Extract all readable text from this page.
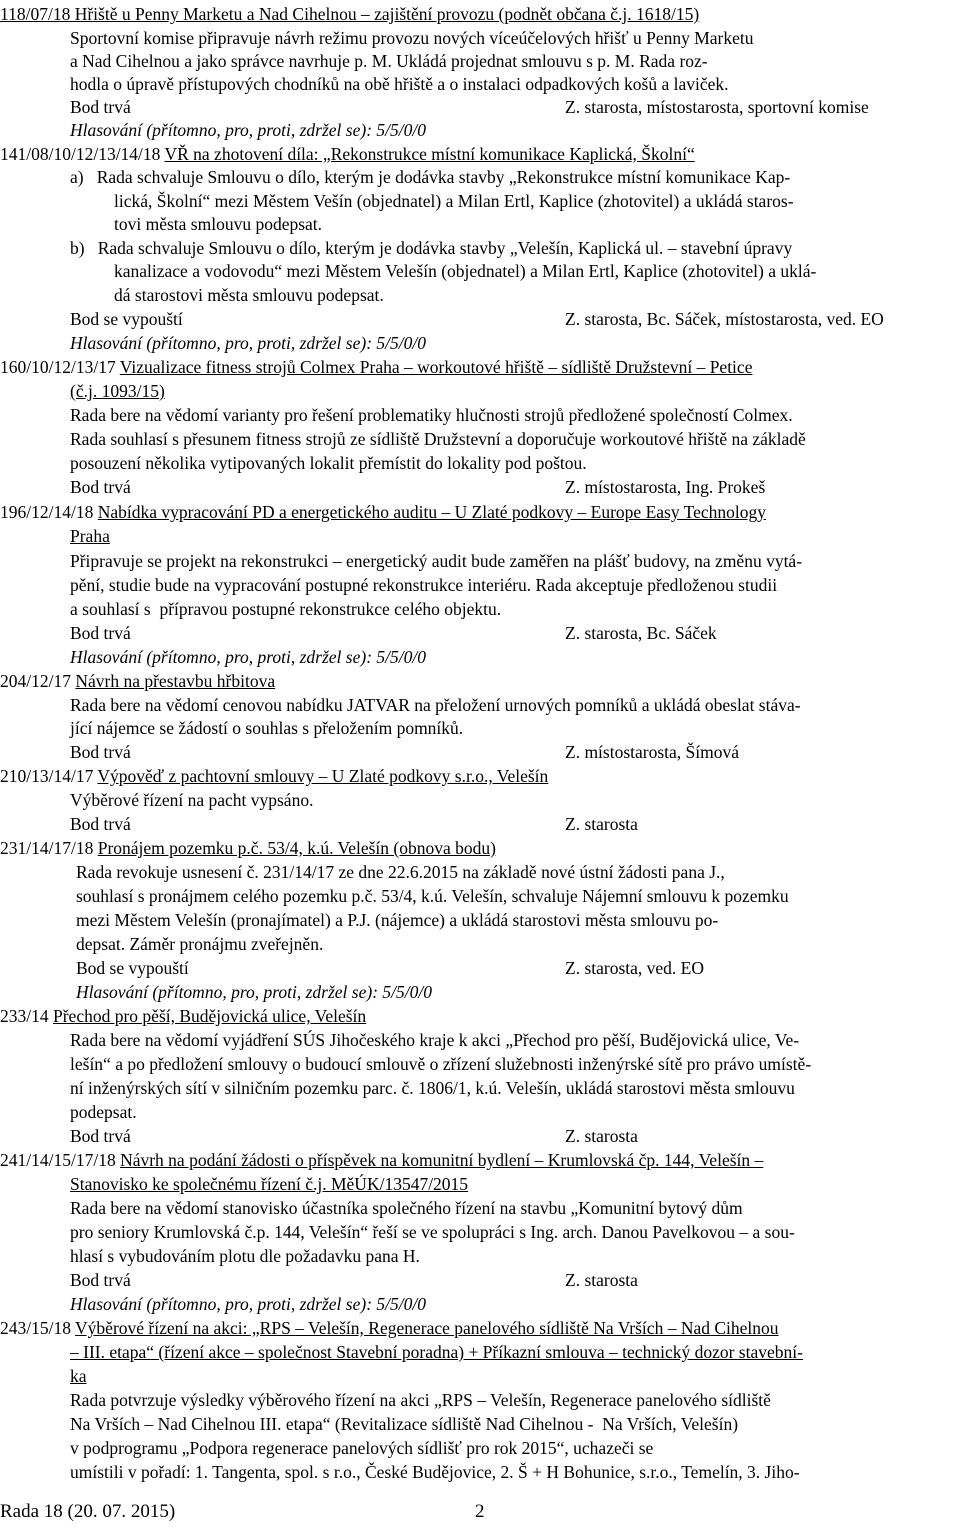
118/07/18 Hřiště u Penny Marketu a Nad Cihelnou – zajištění provozu (podnět občana č.j. 1618/15)
Sportovní komise připravuje návrh režimu provozu nových víceúčelových hřišť u Penny Marketu
a Nad Cihelnou a jako správce navrhuje p. M. Ukládá projednat smlouvu s p. M. Rada roz-
hodla o úpravě přístupových chodníků na obě hřiště a o instalaci odpadkových košů a laviček.
Bod trvá	Z. starosta, místostarosta, sportovní komise
Hlasování (přítomno, pro, proti, zdržel se): 5/5/0/0
141/08/10/12/13/14/18 VŘ na zhotovení díla: „Rekonstrukce místní komunikace Kaplická, Školní“
a)   Rada schvaluje Smlouvu o dílo, kterým je dodávka stavby „Rekonstrukce místní komunikace Kap-
lická, Školní“ mezi Městem Vešín (objednatel) a Milan Ertl, Kaplice (zhotovitel) a ukládá staros-
tovi města smlouvu podepsat.
b)   Rada schvaluje Smlouvu o dílo, kterým je dodávka stavby „Velešín, Kaplická ul. – stavební úpravy
kanalizace a vodovodu“ mezi Městem Velešín (objednatel) a Milan Ertl, Kaplice (zhotovitel) a uklá-
dá starostovi města smlouvu podepsat.
Bod se vypouští	Z. starosta, Bc. Sáček, místostarosta, ved. EO
Hlasování (přítomno, pro, proti, zdržel se): 5/5/0/0
160/10/12/13/17 Vizualizace fitness strojů Colmex Praha – workoutové hřiště – sídliště Družstevní – Petice
(č.j. 1093/15)
Rada bere na vědomí varianty pro řešení problematiky hlučnosti strojů předložené společností Colmex.
Rada souhlasí s přesunem fitness strojů ze sídliště Družstevní a doporučuje workoutové hřiště na základě
posouzení několika vytipovaných lokalit přemístit do lokality pod poštou.
Bod trvá	Z. místostarosta, Ing. Prokeš
196/12/14/18 Nabídka vypracování PD a energetického auditu – U Zlaté podkovy – Europe Easy Technology
Praha
Připravuje se projekt na rekonstrukci – energetický audit bude zaměřen na plášť budovy, na změnu vytá-
pění, studie bude na vypracování postupné rekonstrukce interiéru. Rada akceptuje předloženou studii
a souhlasí s  přípravou postupné rekonstrukce celého objektu.
Bod trvá	Z. starosta, Bc. Sáček
Hlasování (přítomno, pro, proti, zdržel se): 5/5/0/0
204/12/17 Návrh na přestavbu hřbitova
Rada bere na vědomí cenovou nabídku JATVAR na přeložení urnových pomníků a ukládá obeslat stáva-
jící nájemce se žádostí o souhlas s přeložením pomníků.
Bod trvá	Z. místostarosta, Šímová
210/13/14/17 Výpověď z pachtovní smlouvy – U Zlaté podkovy s.r.o., Velešín
Výběrové řízení na pacht vypsáno.
Bod trvá	Z. starosta
231/14/17/18 Pronájem pozemku p.č. 53/4, k.ú. Velešín (obnova bodu)
Rada revokuje usnesení č. 231/14/17 ze dne 22.6.2015 na základě nové ústní žádosti pana J.,
souhlasí s pronájmem celého pozemku p.č. 53/4, k.ú. Velešín, schvaluje Nájemní smlouvu k pozemku
mezi Městem Velešín (pronajímatel) a P.J. (nájemce) a ukládá starostovi města smlouvu po-
depsat. Záměr pronájmu zveřejněn.
Bod se vypouští	Z. starosta, ved. EO
Hlasování (přítomno, pro, proti, zdržel se): 5/5/0/0
233/14 Přechod pro pěší, Budějovická ulice, Velešín
Rada bere na vědomí vyjádření SÚS Jihočeského kraje k akci „Přechod pro pěší, Budějovická ulice, Ve-
lešín“ a po předložení smlouvy o budoucí smlouvě o zřízení služebnosti inženýrské sítě pro právo umístě-
ní inženýrských sítí v silničním pozemku parc. č. 1806/1, k.ú. Velešín, ukládá starostovi města smlouvu
podepsat.
Bod trvá	Z. starosta
241/14/15/17/18 Návrh na podání žádosti o příspěvek na komunitní bydlení – Krumlovská čp. 144, Velešín –
Stanovisko ke společnému řízení č.j. MěÚK/13547/2015
Rada bere na vědomí stanovisko účastníka společného řízení na stavbu „Komunitní bytový dům
pro seniory Krumlovská č.p. 144, Velešín“ řeší se ve spolupráci s Ing. arch. Danou Pavelkovou – a sou-
hlasí s vybudováním plotu dle požadavku pana H.
Bod trvá	Z. starosta
Hlasování (přítomno, pro, proti, zdržel se): 5/5/0/0
243/15/18 Výběrové řízení na akci: „RPS – Velešín, Regenerace panelového sídliště Na Vrších – Nad Cihelnou
– III. etapa“ (řízení akce – společnost Stavební poradna) + Příkazní smlouva – technický dozor stavební-
ka
Rada potvrzuje výsledky výběrového řízení na akci „RPS – Velešín, Regenerace panelového sídliště
Na Vrších – Nad Cihelnou III. etapa“ (Revitalizace sídliště Nad Cihelnou -  Na Vrších, Velešín)
v podprogramu „Podpora regenerace panelových sídlišť pro rok 2015“, uchazeči se
umístili v pořadí: 1. Tangenta, spol. s r.o., České Budějovice, 2. Š + H Bohunice, s.r.o., Temelín, 3. Jiho-
Rada 18 (20. 07. 2015)	2
